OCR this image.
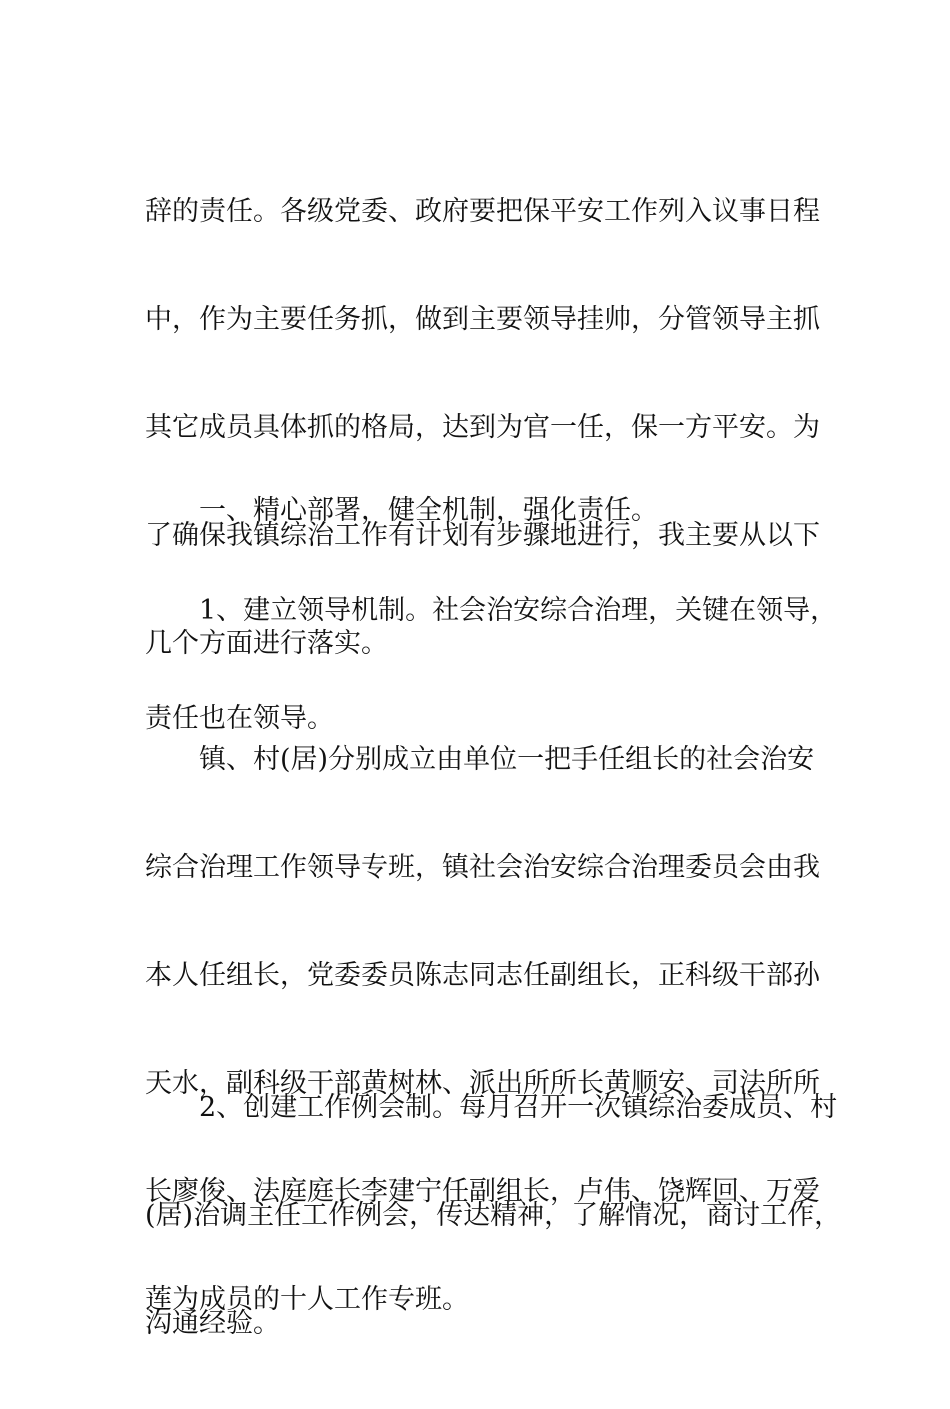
辞的责任。各级党委、政府要把保平安工作列入议事日程

中，作为主要任务抓，做到主要领导挂帅，分管领导主抓

其它成员具体抓的格局，达到为官一任，保一方平安。为

了确保我镇综治工作有计划有步骤地进行，我主要从以下

几个方面进行落实。

一、精心部署，健全机制，强化责任。

1、建立领导机制。社会治安综合治理，关键在领导，

责任也在领导。

镇、村(居)分别成立由单位一把手任组长的社会治安

综合治理工作领导专班，镇社会治安综合治理委员会由我

本人任组长，党委委员陈志同志任副组长，正科级干部孙

天水，副科级干部黄树林、派出所所长黄顺安、司法所所

长廖俊、法庭庭长李建宁任副组长，卢伟、饶辉回、万爱

莲为成员的十人工作专班。

2、创建工作例会制。每月召开一次镇综治委成员、村

(居)治调主任工作例会，传达精神，了解情况，商讨工作，

沟通经验。
